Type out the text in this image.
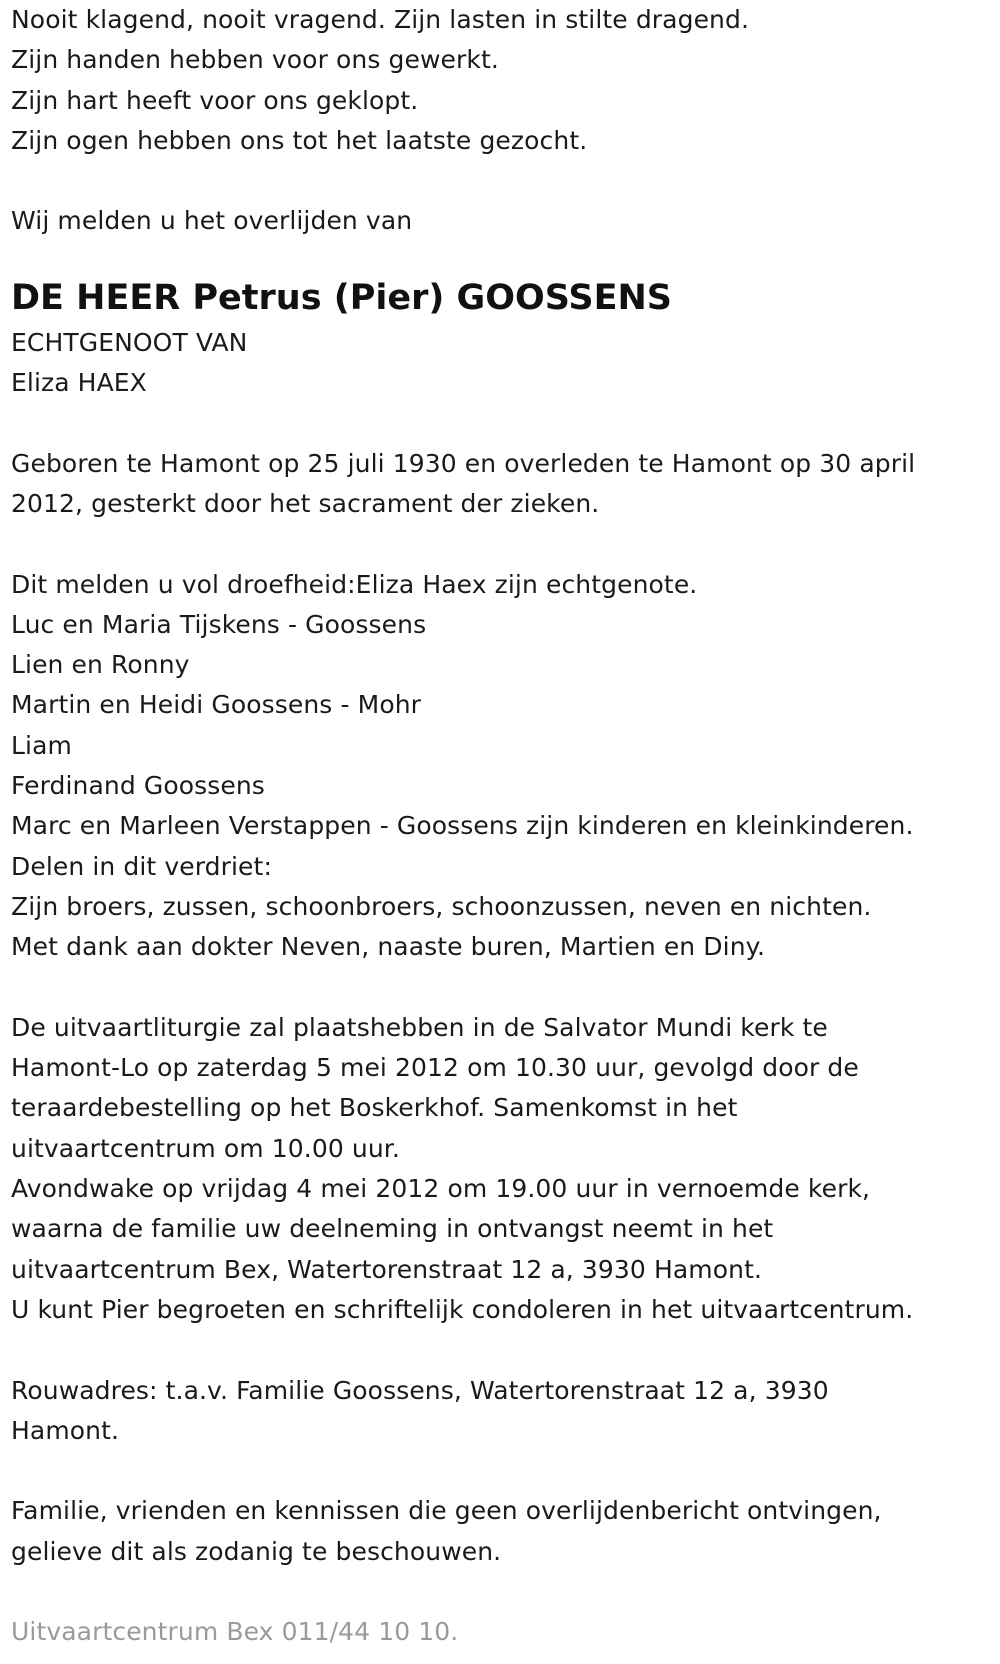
Nooit klagend, nooit vragend. Zijn lasten in stilte dragend.
Zijn handen hebben voor ons gewerkt.
Zijn hart heeft voor ons geklopt.
Zijn ogen hebben ons tot het laatste gezocht.
Wij melden u het overlijden van
DE HEER Petrus (Pier) GOOSSENS
ECHTGENOOT VAN
Eliza HAEX
Geboren te Hamont op 25 juli 1930 en overleden te Hamont op 30 april
2012, gesterkt door het sacrament der zieken.
Dit melden u vol droefheid:Eliza Haex zijn echtgenote.
Luc en Maria Tijskens - Goossens
Lien en Ronny
Martin en Heidi Goossens - Mohr
Liam
Ferdinand Goossens
Marc en Marleen Verstappen - Goossens zijn kinderen en kleinkinderen.
Delen in dit verdriet:
Zijn broers, zussen, schoonbroers, schoonzussen, neven en nichten.
Met dank aan dokter Neven, naaste buren, Martien en Diny.
De uitvaartliturgie zal plaatshebben in de Salvator Mundi kerk te
Hamont-Lo op zaterdag 5 mei 2012 om 10.30 uur, gevolgd door de
teraardebestelling op het Boskerkhof. Samenkomst in het
uitvaartcentrum om 10.00 uur.
Avondwake op vrijdag 4 mei 2012 om 19.00 uur in vernoemde kerk,
waarna de familie uw deelneming in ontvangst neemt in het
uitvaartcentrum Bex, Watertorenstraat 12 a, 3930 Hamont.
U kunt Pier begroeten en schriftelijk condoleren in het uitvaartcentrum.
Rouwadres: t.a.v. Familie Goossens, Watertorenstraat 12 a, 3930
Hamont.
Familie, vrienden en kennissen die geen overlijdenbericht ontvingen,
gelieve dit als zodanig te beschouwen.
Uitvaartcentrum Bex 011/44 10 10.
